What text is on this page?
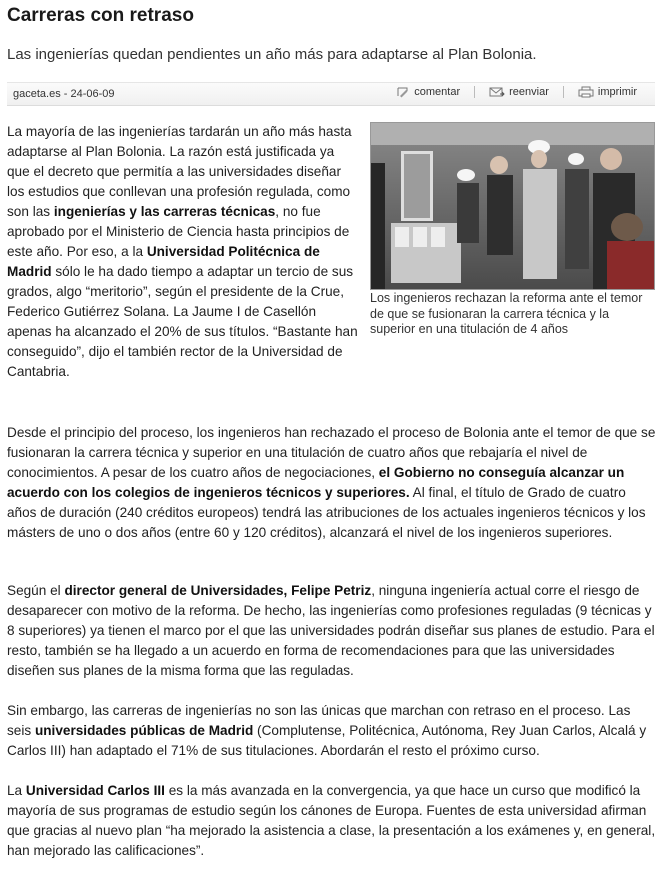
Carreras con retraso

Las ingenierías quedan pendientes un año más para adaptarse al Plan Bolonia.

gaceta.es - 24-06-09	comentar	reenviar	imprimir

La mayoría de las ingenierías tardarán un año más hasta adaptarse al Plan Bolonia. La razón está justificada ya que el decreto que permitía a las universidades diseñar los estudios que conllevan una profesión regulada, como son las ingenierías y las carreras técnicas, no fue aprobado por el Ministerio de Ciencia hasta principios de este año. Por eso, a la Universidad Politécnica de Madrid sólo le ha dado tiempo a adaptar un tercio de sus grados, algo “meritorio”, según el presidente de la Crue, Federico Gutiérrez Solana. La Jaume I de Casellón apenas ha alcanzado el 20% de sus títulos. “Bastante han conseguido”, dijo el también rector de la Universidad de Cantabria.

Los ingenieros rechazan la reforma ante el temor de que se fusionaran la carrera técnica y la superior en una titulación de 4 años

Desde el principio del proceso, los ingenieros han rechazado el proceso de Bolonia ante el temor de que se fusionaran la carrera técnica y superior en una titulación de cuatro años que rebajaría el nivel de conocimientos. A pesar de los cuatro años de negociaciones, el Gobierno no conseguía alcanzar un acuerdo con los colegios de ingenieros técnicos y superiores. Al final, el título de Grado de cuatro años de duración (240 créditos europeos) tendrá las atribuciones de los actuales ingenieros técnicos y los másters de uno o dos años (entre 60 y 120 créditos), alcanzará el nivel de los ingenieros superiores.

Según el director general de Universidades, Felipe Petriz, ninguna ingeniería actual corre el riesgo de desaparecer con motivo de la reforma. De hecho, las ingenierías como profesiones reguladas (9 técnicas y 8 superiores) ya tienen el marco por el que las universidades podrán diseñar sus planes de estudio. Para el resto, también se ha llegado a un acuerdo en forma de recomendaciones para que las universidades diseñen sus planes de la misma forma que las reguladas.

Sin embargo, las carreras de ingenierías no son las únicas que marchan con retraso en el proceso. Las seis universidades públicas de Madrid (Complutense, Politécnica, Autónoma, Rey Juan Carlos, Alcalá y Carlos III) han adaptado el 71% de sus titulaciones. Abordarán el resto el próximo curso.

La Universidad Carlos III es la más avanzada en la convergencia, ya que hace un curso que modificó la mayoría de sus programas de estudio según los cánones de Europa. Fuentes de esta universidad afirman que gracias al nuevo plan “ha mejorado la asistencia a clase, la presentación a los exámenes y, en general, han mejorado las calificaciones”.
